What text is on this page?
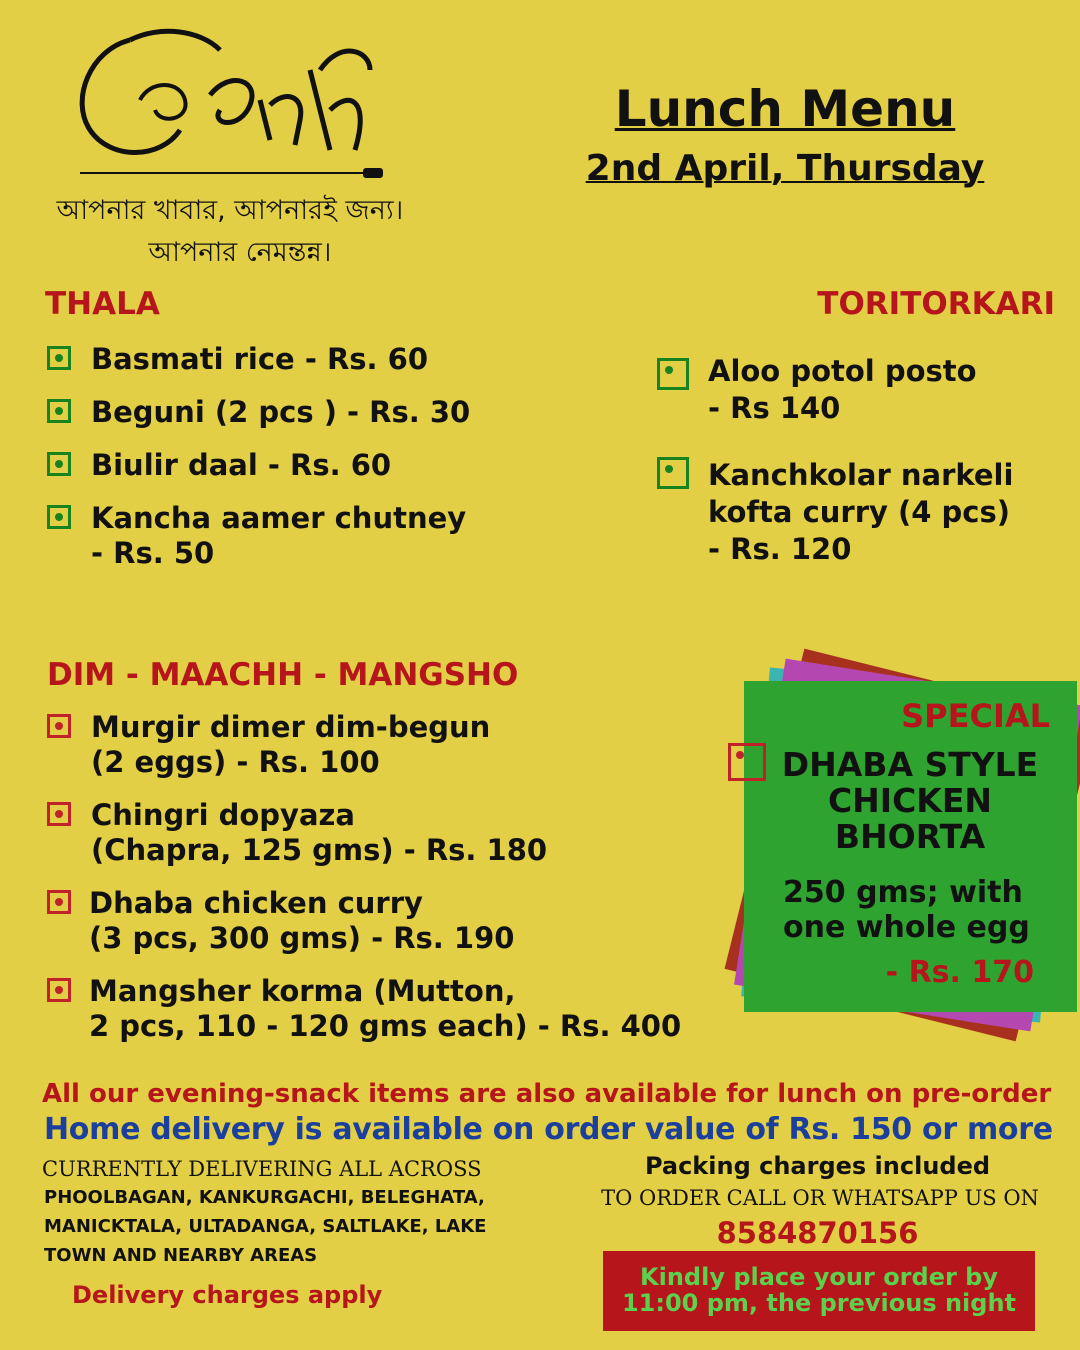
আপনার খাবার, আপনারই জন্য।
আপনার নেমন্তন্ন।
Lunch Menu
2nd April, Thursday
THALA
Basmati rice - Rs. 60
Beguni (2 pcs ) - Rs. 30
Biulir daal - Rs. 60
Kancha aamer chutney
- Rs. 50
TORITORKARI
Aloo potol posto
- Rs 140
Kanchkolar narkeli
kofta curry (4 pcs)
- Rs. 120
DIM - MAACHH - MANGSHO
Murgir dimer dim-begun
(2 eggs) - Rs. 100
Chingri dopyaza
(Chapra, 125 gms) - Rs. 180
Dhaba chicken curry
(3 pcs, 300 gms) - Rs. 190
Mangsher korma (Mutton,
2 pcs, 110 - 120 gms each) - Rs. 400
SPECIAL
DHABA STYLE
CHICKEN
BHORTA
250 gms; with
one whole egg
- Rs. 170
All our evening-snack items are also available for lunch on pre-order
Home delivery is available on order value of Rs. 150 or more
CURRENTLY DELIVERING ALL ACROSS
PHOOLBAGAN, KANKURGACHI, BELEGHATA,
MANICKTALA, ULTADANGA, SALTLAKE, LAKE
TOWN AND NEARBY AREAS
Delivery charges apply
Packing charges included
TO ORDER CALL OR WHATSAPP US ON
8584870156
Kindly place your order by
11:00 pm, the previous night
